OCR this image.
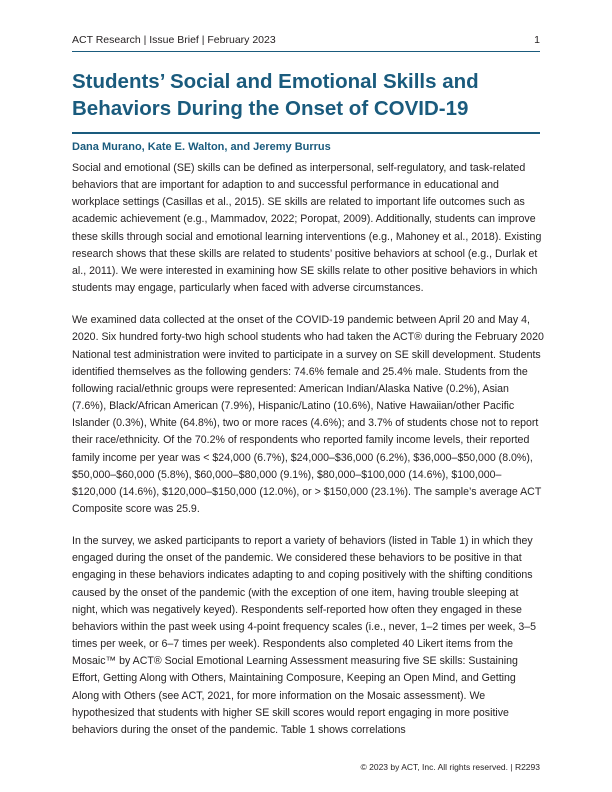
ACT Research | Issue Brief | February 2023	1
Students’ Social and Emotional Skills and Behaviors During the Onset of COVID-19
Dana Murano, Kate E. Walton, and Jeremy Burrus

Social and emotional (SE) skills can be defined as interpersonal, self-regulatory, and task-related behaviors that are important for adaption to and successful performance in educational and workplace settings (Casillas et al., 2015). SE skills are related to important life outcomes such as academic achievement (e.g., Mammadov, 2022; Poropat, 2009). Additionally, students can improve these skills through social and emotional learning interventions (e.g., Mahoney et al., 2018). Existing research shows that these skills are related to students’ positive behaviors at school (e.g., Durlak et al., 2011). We were interested in examining how SE skills relate to other positive behaviors in which students may engage, particularly when faced with adverse circumstances.

We examined data collected at the onset of the COVID-19 pandemic between April 20 and May 4, 2020. Six hundred forty-two high school students who had taken the ACT® during the February 2020 National test administration were invited to participate in a survey on SE skill development. Students identified themselves as the following genders: 74.6% female and 25.4% male. Students from the following racial/ethnic groups were represented: American Indian/Alaska Native (0.2%), Asian (7.6%), Black/African American (7.9%), Hispanic/Latino (10.6%), Native Hawaiian/other Pacific Islander (0.3%), White (64.8%), two or more races (4.6%); and 3.7% of students chose not to report their race/ethnicity. Of the 70.2% of respondents who reported family income levels, their reported family income per year was < $24,000 (6.7%), $24,000–$36,000 (6.2%), $36,000–$50,000 (8.0%), $50,000–$60,000 (5.8%), $60,000–$80,000 (9.1%), $80,000–$100,000 (14.6%), $100,000–$120,000 (14.6%), $120,000–$150,000 (12.0%), or > $150,000 (23.1%). The sample’s average ACT Composite score was 25.9.

In the survey, we asked participants to report a variety of behaviors (listed in Table 1) in which they engaged during the onset of the pandemic. We considered these behaviors to be positive in that engaging in these behaviors indicates adapting to and coping positively with the shifting conditions caused by the onset of the pandemic (with the exception of one item, having trouble sleeping at night, which was negatively keyed). Respondents self-reported how often they engaged in these behaviors within the past week using 4-point frequency scales (i.e., never, 1–2 times per week, 3–5 times per week, or 6–7 times per week). Respondents also completed 40 Likert items from the Mosaic™ by ACT® Social Emotional Learning Assessment measuring five SE skills: Sustaining Effort, Getting Along with Others, Maintaining Composure, Keeping an Open Mind, and Getting Along with Others (see ACT, 2021, for more information on the Mosaic assessment). We hypothesized that students with higher SE skill scores would report engaging in more positive behaviors during the onset of the pandemic. Table 1 shows correlations

© 2023 by ACT, Inc. All rights reserved. | R2293
